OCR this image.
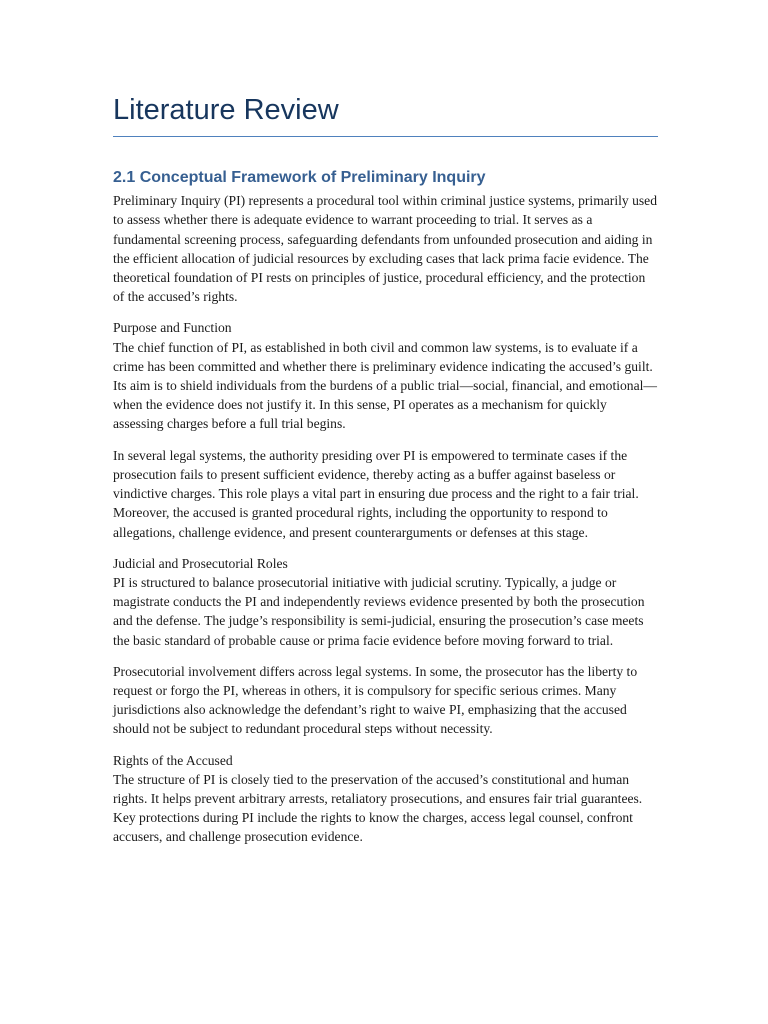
Literature Review
2.1 Conceptual Framework of Preliminary Inquiry

Preliminary Inquiry (PI) represents a procedural tool within criminal justice systems, primarily used to assess whether there is adequate evidence to warrant proceeding to trial. It serves as a fundamental screening process, safeguarding defendants from unfounded prosecution and aiding in the efficient allocation of judicial resources by excluding cases that lack prima facie evidence. The theoretical foundation of PI rests on principles of justice, procedural efficiency, and the protection of the accused’s rights.

Purpose and Function
The chief function of PI, as established in both civil and common law systems, is to evaluate if a crime has been committed and whether there is preliminary evidence indicating the accused’s guilt. Its aim is to shield individuals from the burdens of a public trial—social, financial, and emotional—when the evidence does not justify it. In this sense, PI operates as a mechanism for quickly assessing charges before a full trial begins.

In several legal systems, the authority presiding over PI is empowered to terminate cases if the prosecution fails to present sufficient evidence, thereby acting as a buffer against baseless or vindictive charges. This role plays a vital part in ensuring due process and the right to a fair trial. Moreover, the accused is granted procedural rights, including the opportunity to respond to allegations, challenge evidence, and present counterarguments or defenses at this stage.

Judicial and Prosecutorial Roles
PI is structured to balance prosecutorial initiative with judicial scrutiny. Typically, a judge or magistrate conducts the PI and independently reviews evidence presented by both the prosecution and the defense. The judge’s responsibility is semi-judicial, ensuring the prosecution’s case meets the basic standard of probable cause or prima facie evidence before moving forward to trial.

Prosecutorial involvement differs across legal systems. In some, the prosecutor has the liberty to request or forgo the PI, whereas in others, it is compulsory for specific serious crimes. Many jurisdictions also acknowledge the defendant’s right to waive PI, emphasizing that the accused should not be subject to redundant procedural steps without necessity.

Rights of the Accused
The structure of PI is closely tied to the preservation of the accused’s constitutional and human rights. It helps prevent arbitrary arrests, retaliatory prosecutions, and ensures fair trial guarantees. Key protections during PI include the rights to know the charges, access legal counsel, confront accusers, and challenge prosecution evidence.
